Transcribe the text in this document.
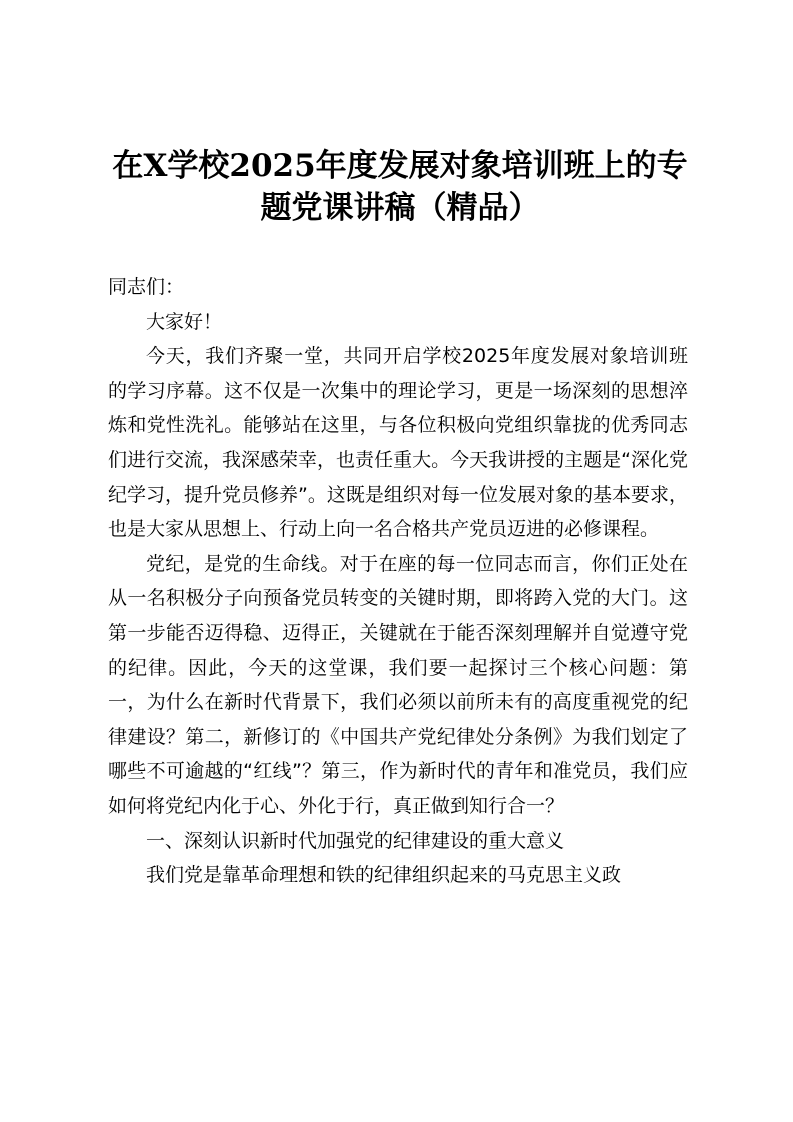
在X学校2025年度发展对象培训班上的专题党课讲稿（精品）

同志们：

大家好！

今天，我们齐聚一堂，共同开启学校2025年度发展对象培训班的学习序幕。这不仅是一次集中的理论学习，更是一场深刻的思想淬炼和党性洗礼。能够站在这里，与各位积极向党组织靠拢的优秀同志们进行交流，我深感荣幸，也责任重大。今天我讲授的主题是“深化党纪学习，提升党员修养”。这既是组织对每一位发展对象的基本要求，也是大家从思想上、行动上向一名合格共产党员迈进的必修课程。

党纪，是党的生命线。对于在座的每一位同志而言，你们正处在从一名积极分子向预备党员转变的关键时期，即将跨入党的大门。这第一步能否迈得稳、迈得正，关键就在于能否深刻理解并自觉遵守党的纪律。因此，今天的这堂课，我们要一起探讨三个核心问题：第一，为什么在新时代背景下，我们必须以前所未有的高度重视党的纪律建设？第二，新修订的《中国共产党纪律处分条例》为我们划定了哪些不可逾越的“红线”？第三，作为新时代的青年和准党员，我们应如何将党纪内化于心、外化于行，真正做到知行合一？

一、深刻认识新时代加强党的纪律建设的重大意义

我们党是靠革命理想和铁的纪律组织起来的马克思主义政
